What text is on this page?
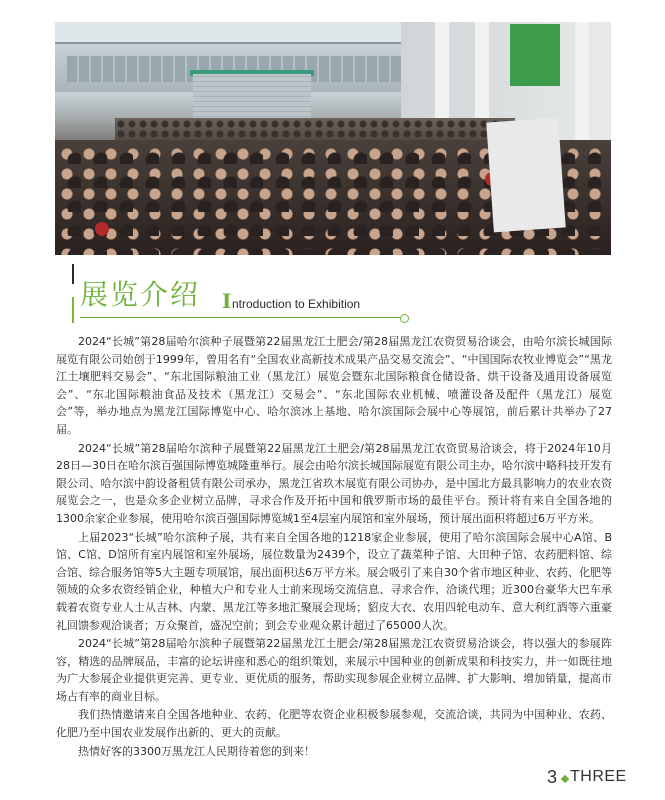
展览介绍 I ntroduction to Exhibition

2024“长城”第28届哈尔滨种子展暨第22届黑龙江土肥会/第28届黑龙江农资贸易洽谈会，由哈尔滨长城国际展览有限公司始创于1999年，曾用名有“全国农业高新技术成果产品交易交流会”、“中国国际农牧业博览会”“黑龙江土壤肥料交易会”、“东北国际粮油工业（黑龙江）展览会暨东北国际粮食仓储设备、烘干设备及通用设备展览会”、“东北国际粮油食品及技术（黑龙江）交易会”、“东北国际农业机械、喷灌设备及配件（黑龙江）展览会”等，举办地点为黑龙江国际博览中心、哈尔滨冰上基地、哈尔滨国际会展中心等展馆，前后累计共举办了27届。

2024“长城”第28届哈尔滨种子展暨第22届黑龙江土肥会/第28届黑龙江农资贸易洽谈会，将于2024年10月28日—30日在哈尔滨百强国际博览城隆重举行。展会由哈尔滨长城国际展览有限公司主办，哈尔滨中略科技开发有限公司、哈尔滨中韵设备租赁有限公司承办，黑龙江省玖木展览有限公司协办，是中国北方最具影响力的农业农资展览会之一，也是众多企业树立品牌，寻求合作及开拓中国和俄罗斯市场的最佳平台。预计将有来自全国各地的1300余家企业参展，使用哈尔滨百强国际博览城1至4层室内展馆和室外展场，预计展出面积将超过6万平方米。

上届2023“长城”哈尔滨种子展，共有来自全国各地的1218家企业参展，使用了哈尔滨国际会展中心A馆、B馆、C馆、D馆所有室内展馆和室外展场，展位数量为2439个，设立了蔬菜种子馆、大田种子馆、农药肥料馆、综合馆、综合服务馆等5大主题专项展馆，展出面积达6万平方米。展会吸引了来自30个省市地区种业、农药、化肥等领域的众多农资经销企业，种植大户和专业人士前来现场交流信息、寻求合作、洽谈代理；近300台豪华大巴车承载着农资专业人士从吉林、内蒙、黑龙江等多地汇聚展会现场；貂皮大衣、农用四轮电动车、意大利红酒等六重豪礼回馈参观洽谈者；万众聚首，盛况空前；到会专业观众累计超过了65000人次。

2024“长城”第28届哈尔滨种子展暨第22届黑龙江土肥会/第28届黑龙江农资贸易洽谈会，将以强大的参展阵容，精选的品牌展品，丰富的论坛讲座和悉心的组织策划，来展示中国种业的创新成果和科技实力，并一如既往地为广大参展企业提供更完善、更专业、更优质的服务，帮助实现参展企业树立品牌、扩大影响、增加销量，提高市场占有率的商业目标。

我们热情邀请来自全国各地种业、农药、化肥等农资企业积极参展参观，交流洽谈，共同为中国种业、农药、化肥乃至中国农业发展作出新的、更大的贡献。

热情好客的3300万黑龙江人民期待着您的到来！

3 THREE
